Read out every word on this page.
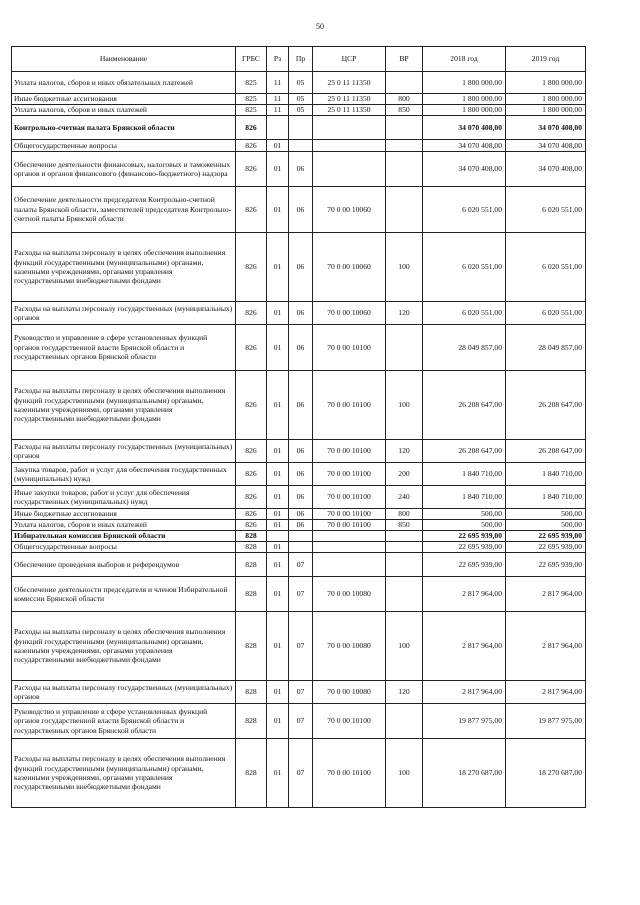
50
Наименование	ГРБС	Рз	Пр	ЦСР	ВР	2018 год	2019 год
Уплата налогов, сборов и иных обязательных платежей	825	11	05	25 0 11 11350		1 800 000,00	1 800 000,00
Иные бюджетные ассигнования	825	11	05	25 0 11 11350	800	1 800 000,00	1 800 000,00
Уплата налогов, сборов и иных платежей	825	11	05	25 0 11 11350	850	1 800 000,00	1 800 000,00
Контрольно-счетная палата Брянской области	826					34 070 408,00	34 070 408,00
Общегосударственные вопросы	826	01				34 070 408,00	34 070 408,00
Обеспечение деятельности финансовых, налоговых и таможенных органов и органов финансового (финансово-бюджетного) надзора	826	01	06			34 070 408,00	34 070 408,00
Обеспечение деятельности председателя Контрольно-счетной палаты Брянской области, заместителей председателя Контрольно-счетной палаты Брянской области	826	01	06	70 0 00 10060		6 020 551,00	6 020 551,00
Расходы на выплаты персоналу в целях обеспечения выполнения функций государственными (муниципальными) органами, казенными учреждениями, органами управления государственными внебюджетными фондами	826	01	06	70 0 00 10060	100	6 020 551,00	6 020 551,00
Расходы на выплаты персоналу государственных (муниципальных) органов	826	01	06	70 0 00 10060	120	6 020 551,00	6 020 551,00
Руководство и управление в сфере установленных функций органов государственной власти Брянской области и государственных органов Брянской области	826	01	06	70 0 00 10100		28 049 857,00	28 049 857,00
Расходы на выплаты персоналу в целях обеспечения выполнения функций государственными (муниципальными) органами, казенными учреждениями, органами управления государственными внебюджетными фондами	826	01	06	70 0 00 10100	100	26 208 647,00	26 208 647,00
Расходы на выплаты персоналу государственных (муниципальных) органов	826	01	06	70 0 00 10100	120	26 208 647,00	26 208 647,00
Закупка товаров, работ и услуг для обеспечения государственных (муниципальных) нужд	826	01	06	70 0 00 10100	200	1 840 710,00	1 840 710,00
Иные закупки товаров, работ и услуг для обеспечения государственных (муниципальных) нужд	826	01	06	70 0 00 10100	240	1 840 710,00	1 840 710,00
Иные бюджетные ассигнования	826	01	06	70 0 00 10100	800	500,00	500,00
Уплата налогов, сборов и иных платежей	826	01	06	70 0 00 10100	850	500,00	500,00
Избирательная комиссия Брянской области	828					22 695 939,00	22 695 939,00
Общегосударственные вопросы	828	01				22 695 939,00	22 695 939,00
Обеспечение проведения выборов и референдумов	828	01	07			22 695 939,00	22 695 939,00
Обеспечение деятельности председателя и членов Избирательной комиссии Брянской области	828	01	07	70 0 00 10080		2 817 964,00	2 817 964,00
Расходы на выплаты персоналу в целях обеспечения выполнения функций государственными (муниципальными) органами, казенными учреждениями, органами управления государственными внебюджетными фондами	828	01	07	70 0 00 10080	100	2 817 964,00	2 817 964,00
Расходы на выплаты персоналу государственных (муниципальных) органов	828	01	07	70 0 00 10080	120	2 817 964,00	2 817 964,00
Руководство и управление в сфере установленных функций органов государственной власти Брянской области и государственных органов Брянской области	828	01	07	70 0 00 10100		19 877 975,00	19 877 975,00
Расходы на выплаты персоналу в целях обеспечения выполнения функций государственными (муниципальными) органами, казенными учреждениями, органами управления государственными внебюджетными фондами	828	01	07	70 0 00 10100	100	18 270 687,00	18 270 687,00
